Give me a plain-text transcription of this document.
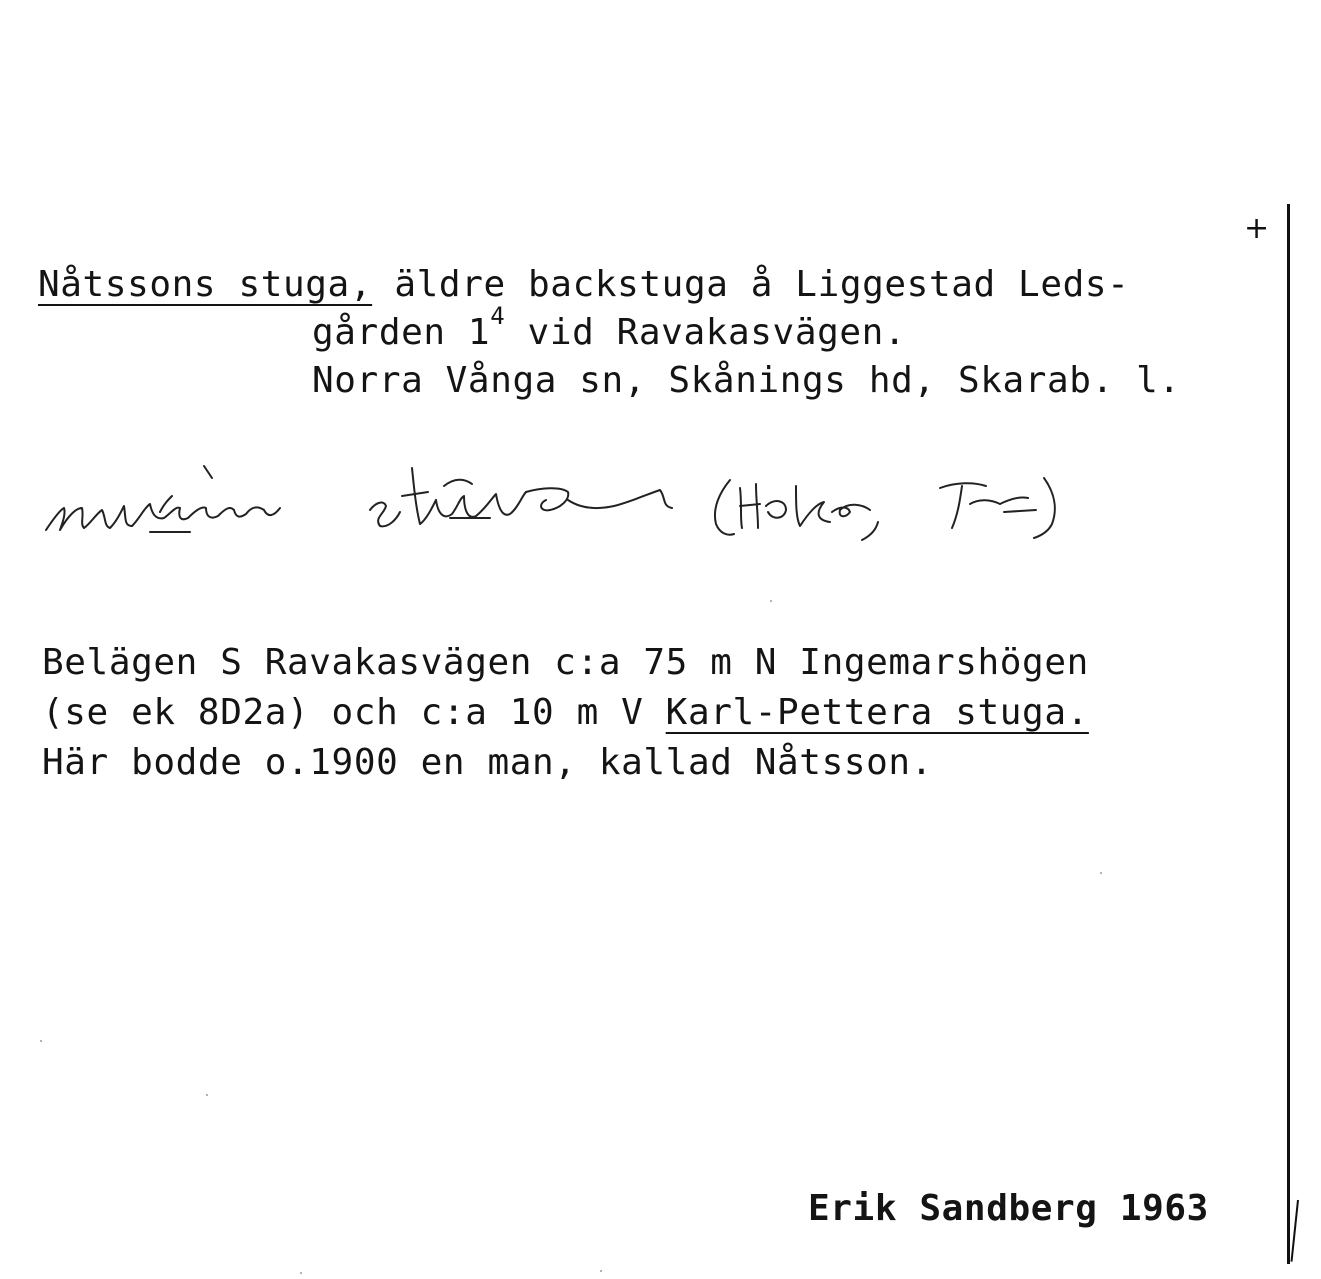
+
Nåtssons stuga, äldre backstuga å Liggestad Leds-
gården $1^4$ vid Ravakasvägen.
Norra Vånga sn, Skånings hd, Skarab. l.
Belägen S Ravakasvägen c:a 75 m N Ingemarshögen
(se ek 8D2a) och c:a 10 m V Karl-Pettera stuga.
Här bodde o.1900 en man, kallad Nåtsson.
Erik Sandberg 1963
